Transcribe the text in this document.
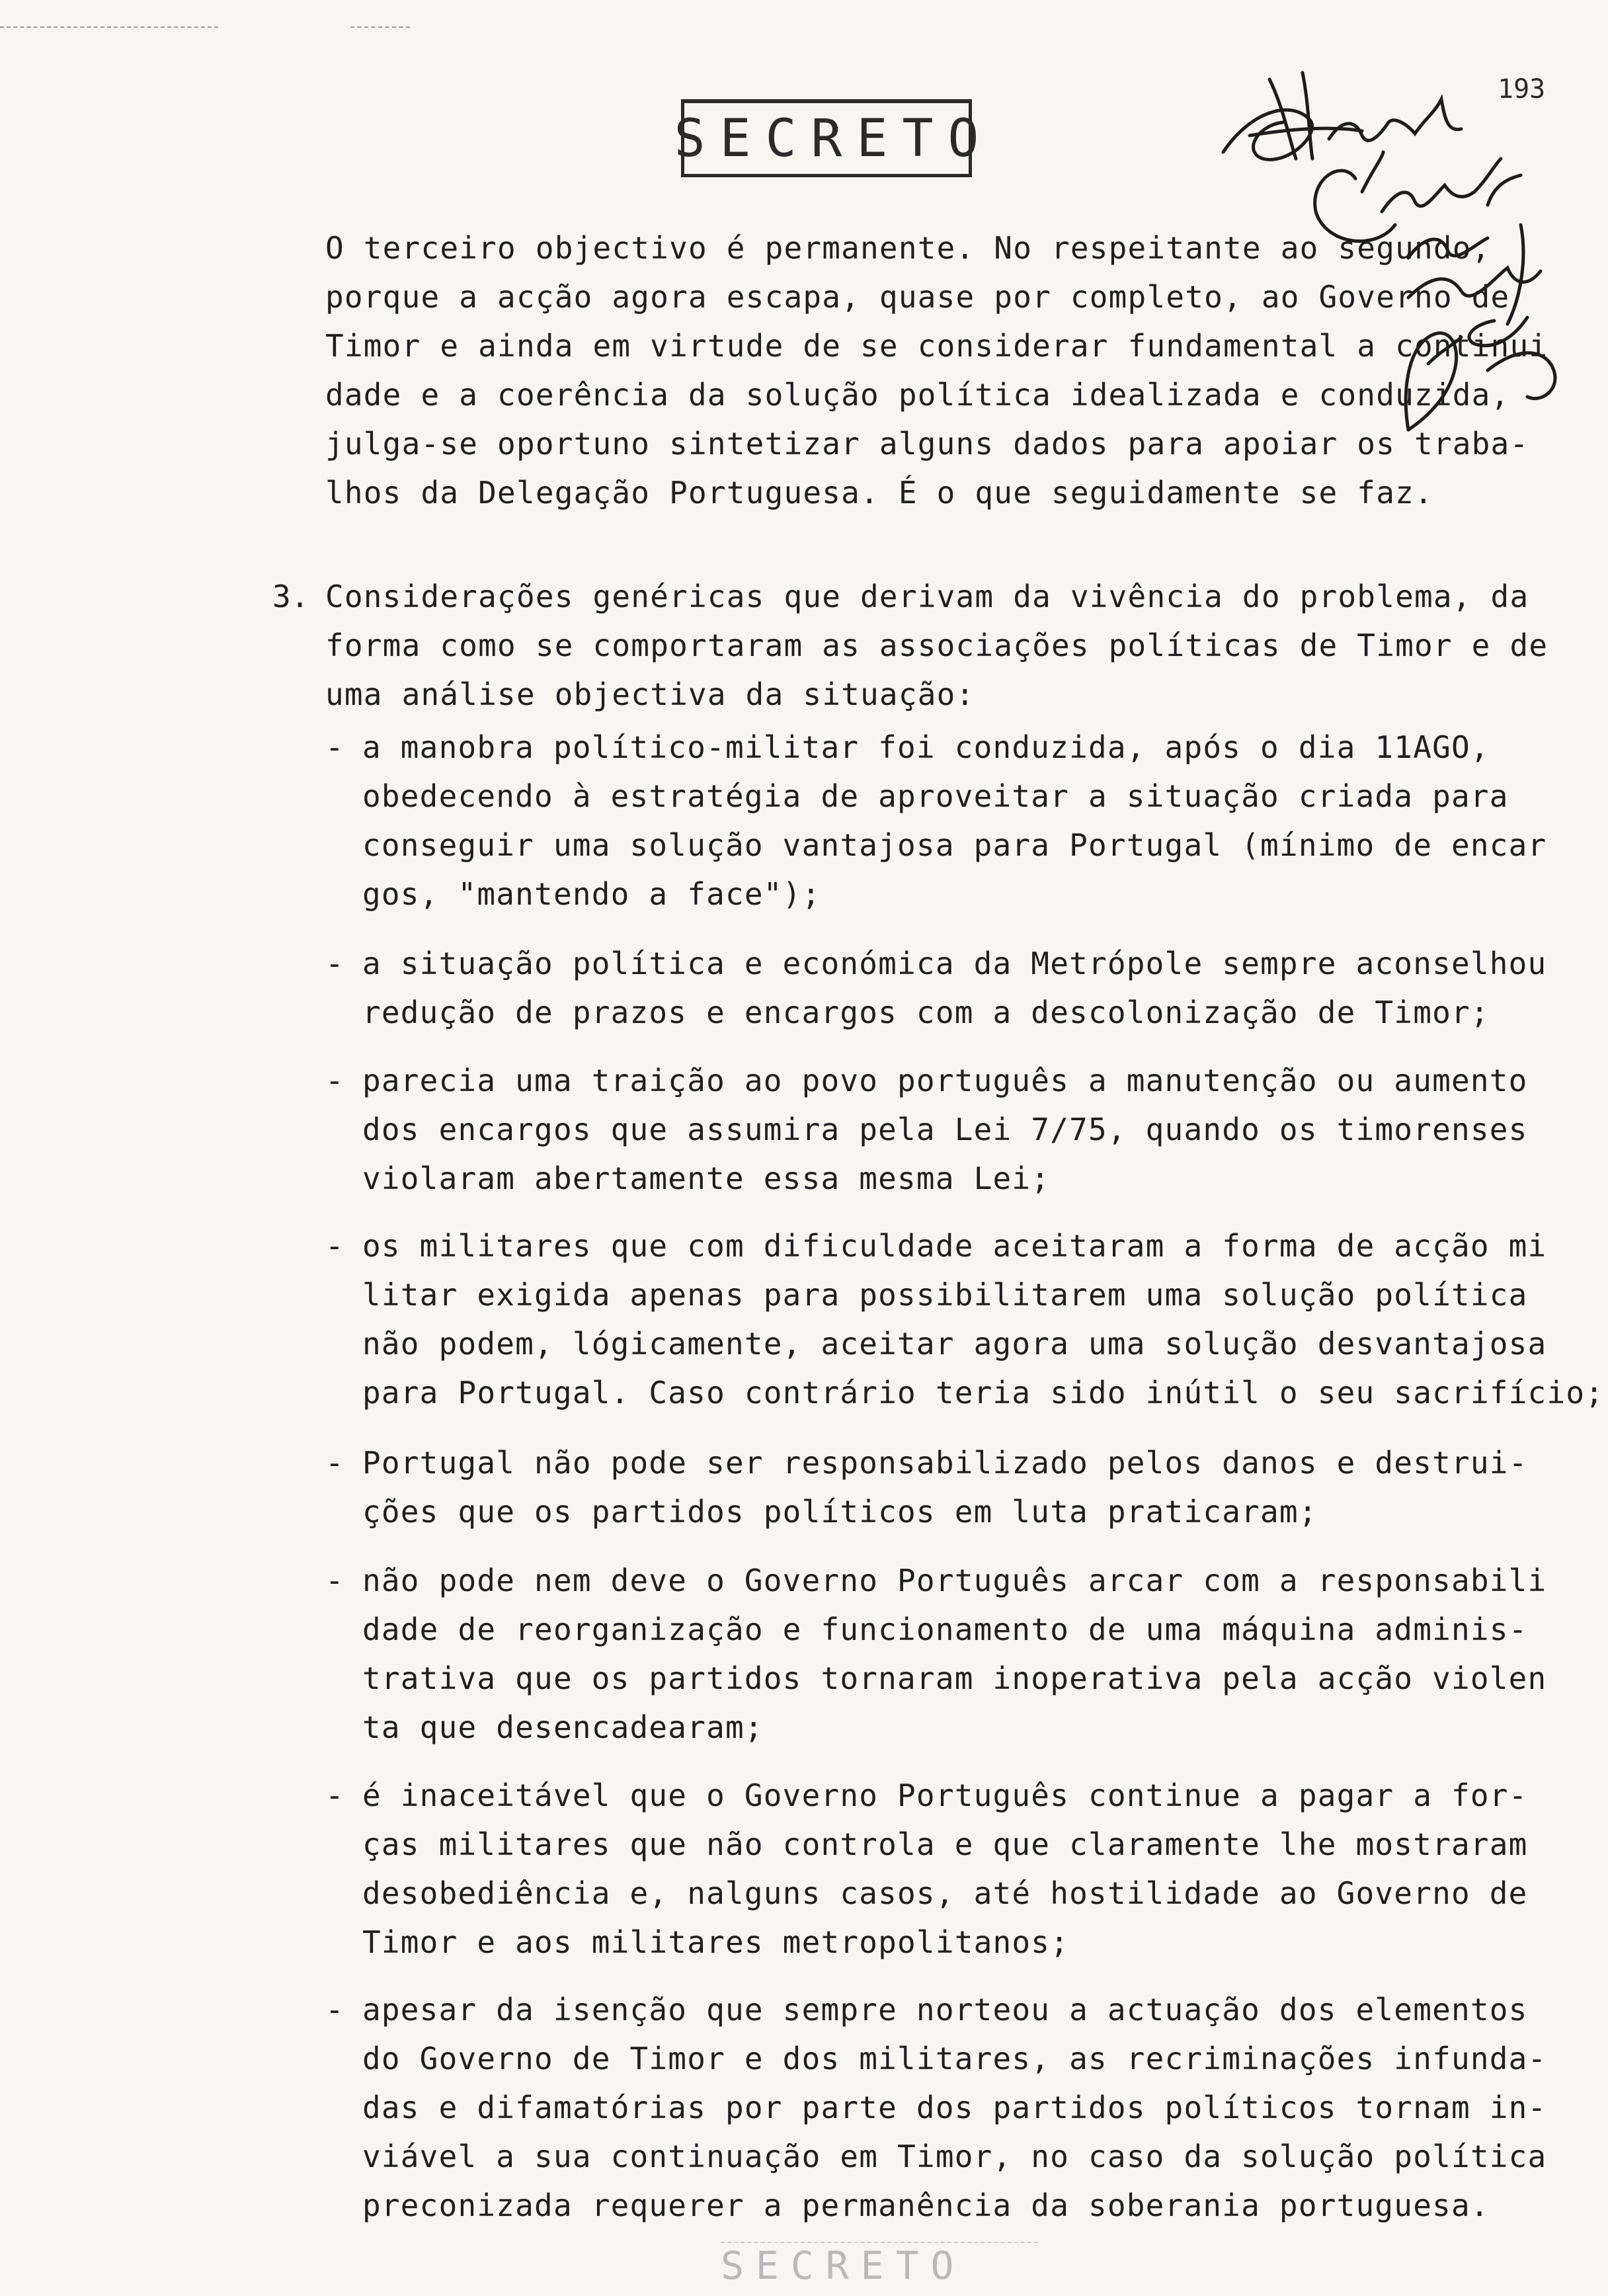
SECRETO
193
O terceiro objectivo é permanente. No respeitante ao segundo,
porque a acção agora escapa, quase por completo, ao Governo de
Timor e ainda em virtude de se considerar fundamental a continui
dade e a coerência da solução política idealizada e conduzida,
julga-se oportuno sintetizar alguns dados para apoiar os traba-
lhos da Delegação Portuguesa. É o que seguidamente se faz.
3. Considerações genéricas que derivam da vivência do problema, da
forma como se comportaram as associações políticas de Timor e de
uma análise objectiva da situação:
- a manobra político-militar foi conduzida, após o dia 11AGO,
obedecendo à estratégia de aproveitar a situação criada para
conseguir uma solução vantajosa para Portugal (mínimo de encar
gos, "mantendo a face");
- a situação política e económica da Metrópole sempre aconselhou
redução de prazos e encargos com a descolonização de Timor;
- parecia uma traição ao povo português a manutenção ou aumento
dos encargos que assumira pela Lei 7/75, quando os timorenses
violaram abertamente essa mesma Lei;
- os militares que com dificuldade aceitaram a forma de acção mi
litar exigida apenas para possibilitarem uma solução política
não podem, lógicamente, aceitar agora uma solução desvantajosa
para Portugal. Caso contrário teria sido inútil o seu sacrifício;
- Portugal não pode ser responsabilizado pelos danos e destrui-
ções que os partidos políticos em luta praticaram;
- não pode nem deve o Governo Português arcar com a responsabili
dade de reorganização e funcionamento de uma máquina adminis-
trativa que os partidos tornaram inoperativa pela acção violen
ta que desencadearam;
- é inaceitável que o Governo Português continue a pagar a for-
ças militares que não controla e que claramente lhe mostraram
desobediência e, nalguns casos, até hostilidade ao Governo de
Timor e aos militares metropolitanos;
- apesar da isenção que sempre norteou a actuação dos elementos
do Governo de Timor e dos militares, as recriminações infunda-
das e difamatórias por parte dos partidos políticos tornam in-
viável a sua continuação em Timor, no caso da solução política
preconizada requerer a permanência da soberania portuguesa.
SECRETO
